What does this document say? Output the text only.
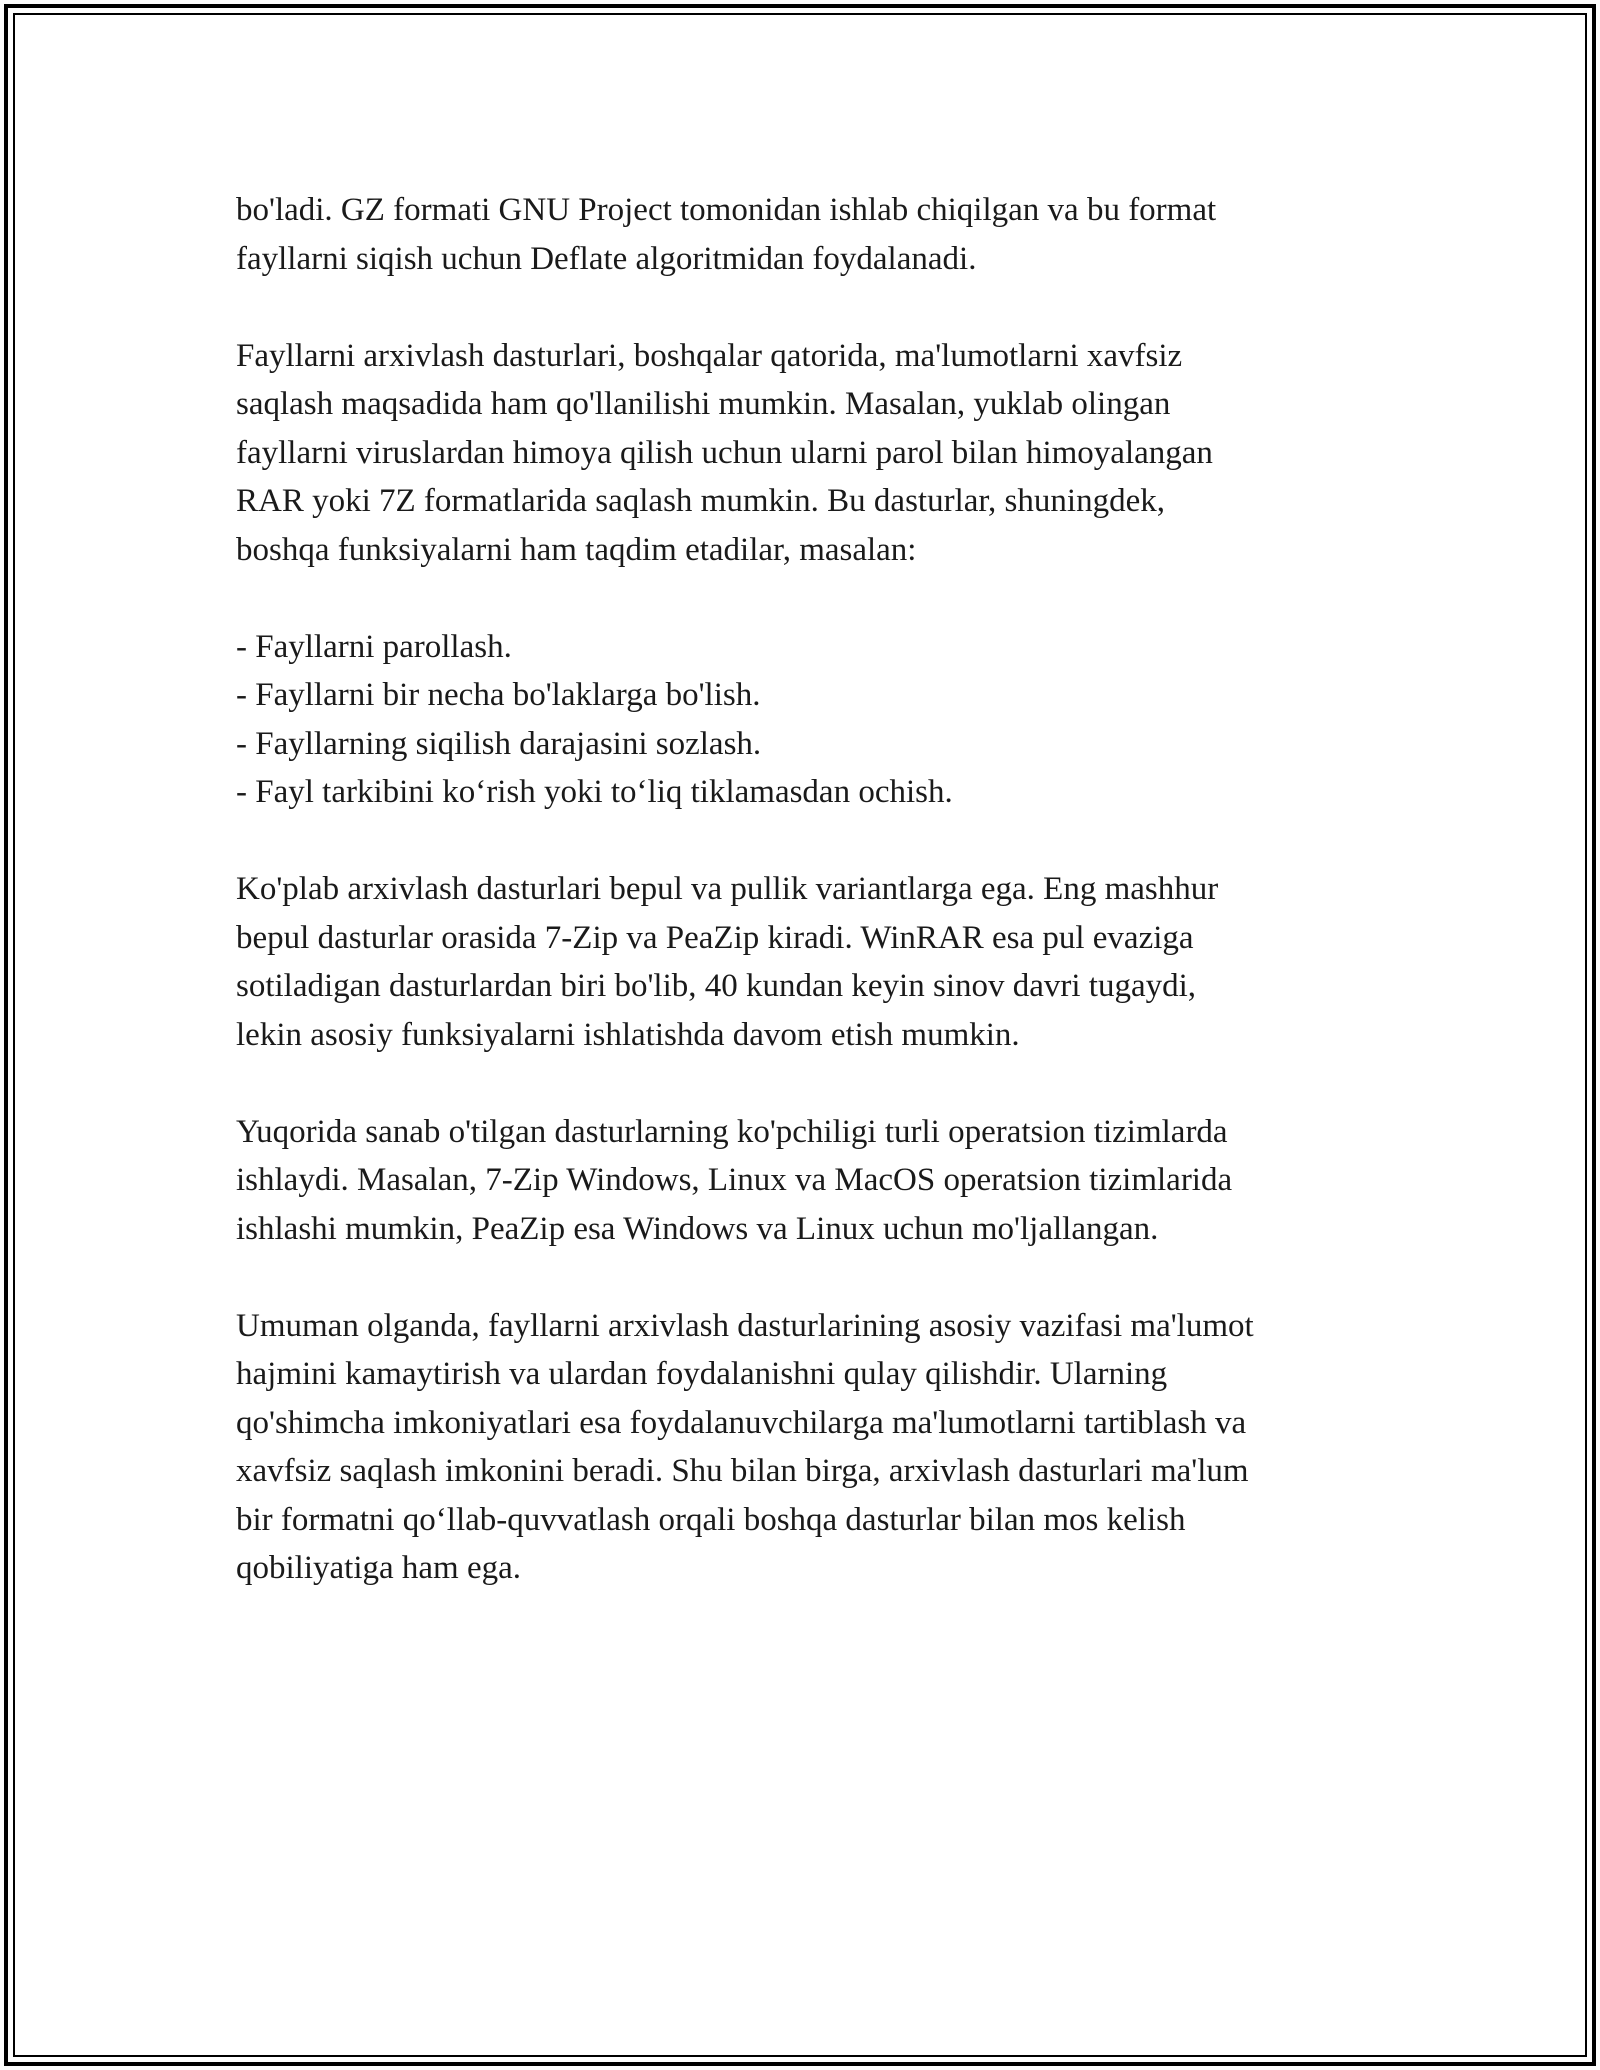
bo'ladi. GZ formati GNU Project tomonidan ishlab chiqilgan va bu format
fayllarni siqish uchun Deflate algoritmidan foydalanadi.

Fayllarni arxivlash dasturlari, boshqalar qatorida, ma'lumotlarni xavfsiz
saqlash maqsadida ham qo'llanilishi mumkin. Masalan, yuklab olingan
fayllarni viruslardan himoya qilish uchun ularni parol bilan himoyalangan
RAR yoki 7Z formatlarida saqlash mumkin. Bu dasturlar, shuningdek,
boshqa funksiyalarni ham taqdim etadilar, masalan:

- Fayllarni parollash.
- Fayllarni bir necha bo'laklarga bo'lish.
- Fayllarning siqilish darajasini sozlash.
- Fayl tarkibini ko‘rish yoki to‘liq tiklamasdan ochish.

Ko'plab arxivlash dasturlari bepul va pullik variantlarga ega. Eng mashhur
bepul dasturlar orasida 7-Zip va PeaZip kiradi. WinRAR esa pul evaziga
sotiladigan dasturlardan biri bo'lib, 40 kundan keyin sinov davri tugaydi,
lekin asosiy funksiyalarni ishlatishda davom etish mumkin.

Yuqorida sanab o'tilgan dasturlarning ko'pchiligi turli operatsion tizimlarda
ishlaydi. Masalan, 7-Zip Windows, Linux va MacOS operatsion tizimlarida
ishlashi mumkin, PeaZip esa Windows va Linux uchun mo'ljallangan.

Umuman olganda, fayllarni arxivlash dasturlarining asosiy vazifasi ma'lumot
hajmini kamaytirish va ulardan foydalanishni qulay qilishdir. Ularning
qo'shimcha imkoniyatlari esa foydalanuvchilarga ma'lumotlarni tartiblash va
xavfsiz saqlash imkonini beradi. Shu bilan birga, arxivlash dasturlari ma'lum
bir formatni qo‘llab-quvvatlash orqali boshqa dasturlar bilan mos kelish
qobiliyatiga ham ega.
